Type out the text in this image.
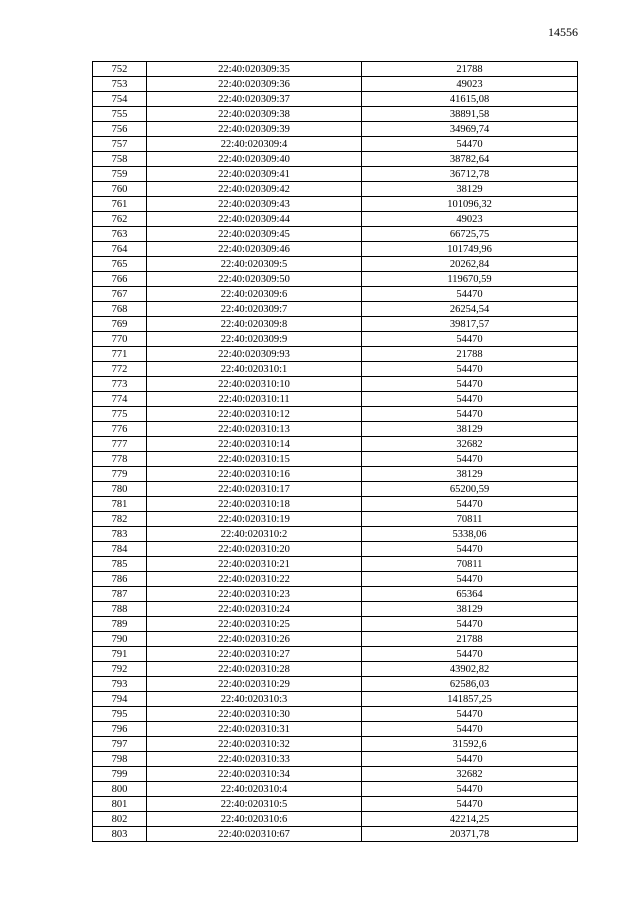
14556
752	22:40:020309:35	21788
753	22:40:020309:36	49023
754	22:40:020309:37	41615,08
755	22:40:020309:38	38891,58
756	22:40:020309:39	34969,74
757	22:40:020309:4	54470
758	22:40:020309:40	38782,64
759	22:40:020309:41	36712,78
760	22:40:020309:42	38129
761	22:40:020309:43	101096,32
762	22:40:020309:44	49023
763	22:40:020309:45	66725,75
764	22:40:020309:46	101749,96
765	22:40:020309:5	20262,84
766	22:40:020309:50	119670,59
767	22:40:020309:6	54470
768	22:40:020309:7	26254,54
769	22:40:020309:8	39817,57
770	22:40:020309:9	54470
771	22:40:020309:93	21788
772	22:40:020310:1	54470
773	22:40:020310:10	54470
774	22:40:020310:11	54470
775	22:40:020310:12	54470
776	22:40:020310:13	38129
777	22:40:020310:14	32682
778	22:40:020310:15	54470
779	22:40:020310:16	38129
780	22:40:020310:17	65200,59
781	22:40:020310:18	54470
782	22:40:020310:19	70811
783	22:40:020310:2	5338,06
784	22:40:020310:20	54470
785	22:40:020310:21	70811
786	22:40:020310:22	54470
787	22:40:020310:23	65364
788	22:40:020310:24	38129
789	22:40:020310:25	54470
790	22:40:020310:26	21788
791	22:40:020310:27	54470
792	22:40:020310:28	43902,82
793	22:40:020310:29	62586,03
794	22:40:020310:3	141857,25
795	22:40:020310:30	54470
796	22:40:020310:31	54470
797	22:40:020310:32	31592,6
798	22:40:020310:33	54470
799	22:40:020310:34	32682
800	22:40:020310:4	54470
801	22:40:020310:5	54470
802	22:40:020310:6	42214,25
803	22:40:020310:67	20371,78
